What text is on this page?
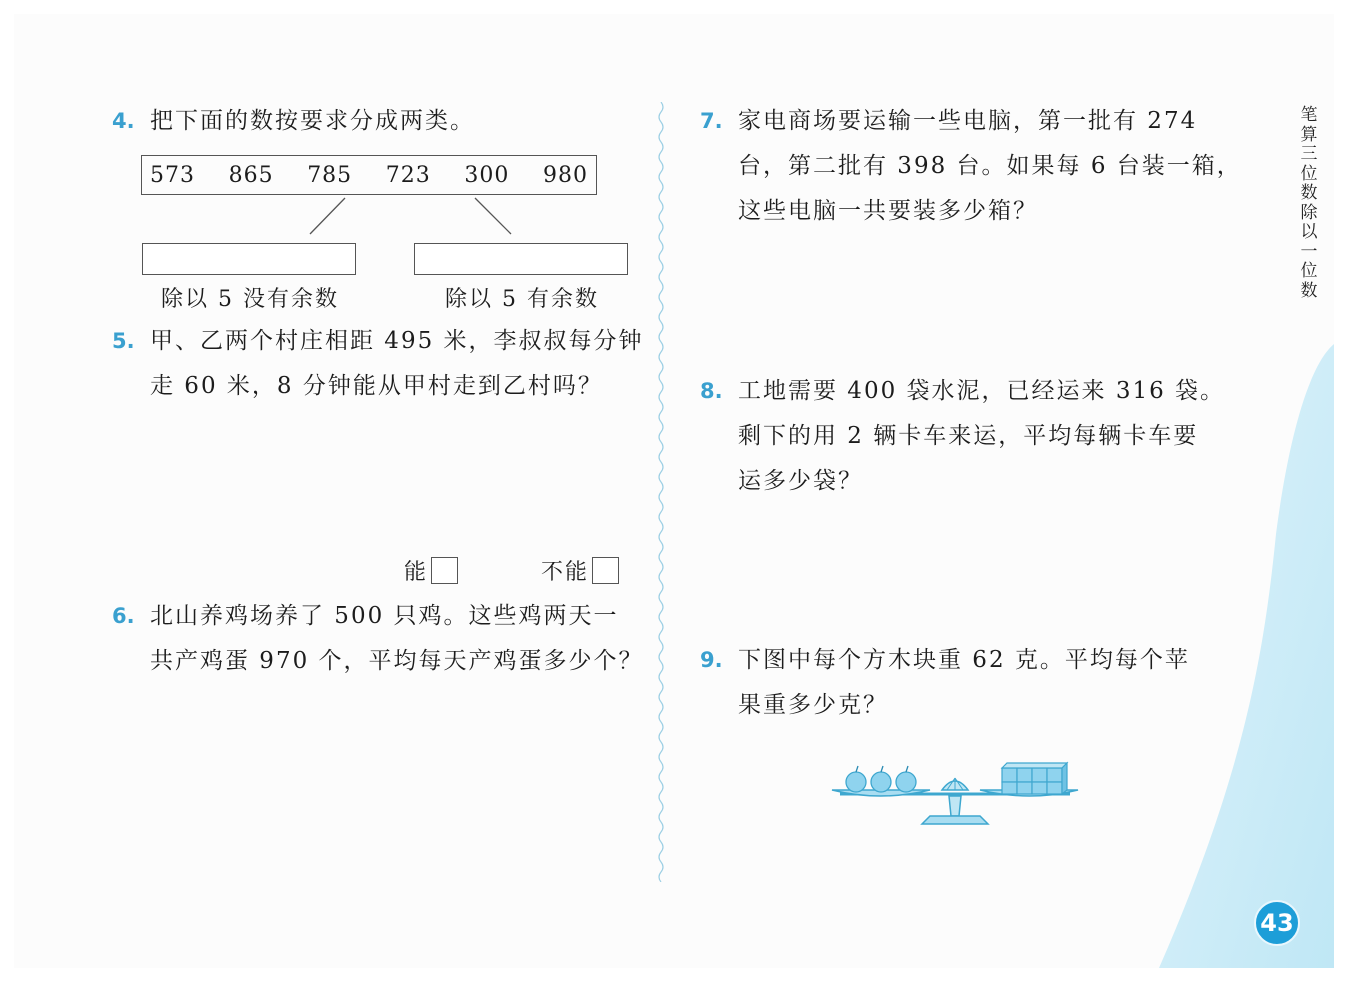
4. 把下面的数按要求分成两类。
573 865 785 723 300 980
除以 5 没有余数	除以 5 有余数
5. 甲、乙两个村庄相距 495 米，李叔叔每分钟
走 60 米，8 分钟能从甲村走到乙村吗？
能	不能
6. 北山养鸡场养了 500 只鸡。这些鸡两天一
共产鸡蛋 970 个，平均每天产鸡蛋多少个？
7. 家电商场要运输一些电脑，第一批有 274
台，第二批有 398 台。如果每 6 台装一箱，
这些电脑一共要装多少箱？
8. 工地需要 400 袋水泥，已经运来 316 袋。
剩下的用 2 辆卡车来运，平均每辆卡车要
运多少袋？
9. 下图中每个方木块重 62 克。平均每个苹
果重多少克？
笔
算
三
位
数
除
以
一
位
数
43
